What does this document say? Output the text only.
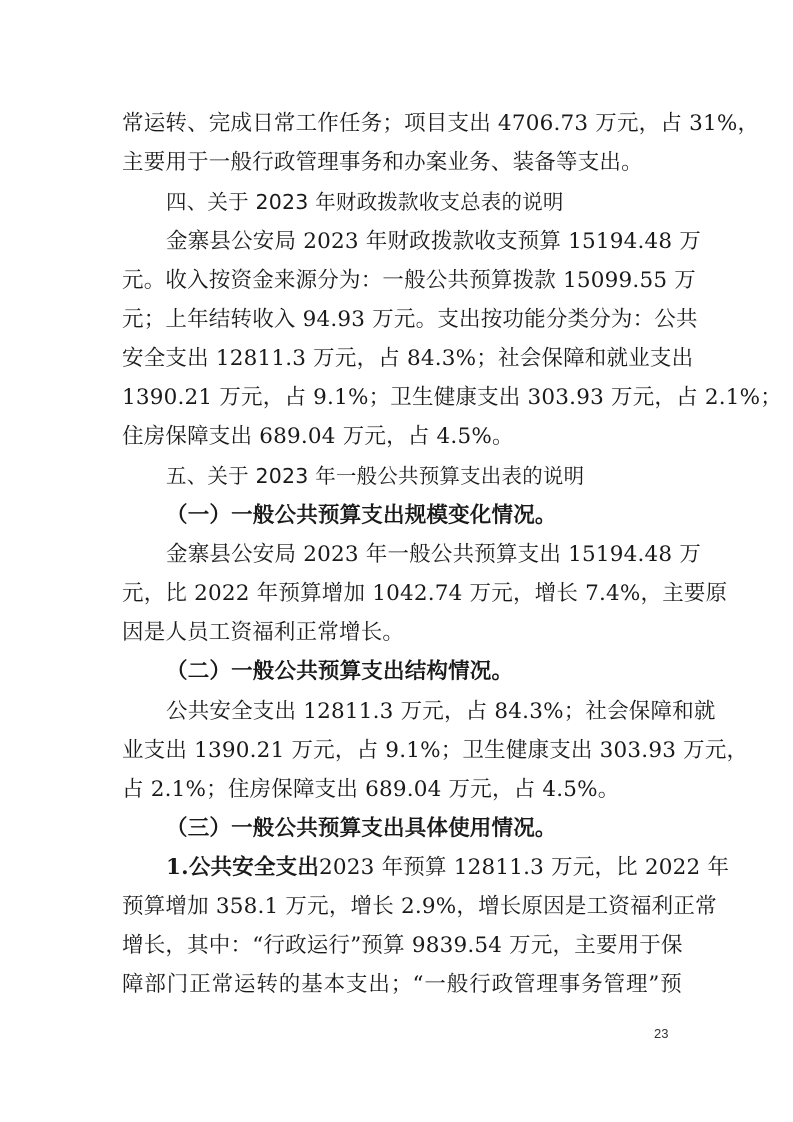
常运转、完成日常工作任务；项目支出 4706.73 万元，占 31%，
主要用于一般行政管理事务和办案业务、装备等支出。
四、关于 2023 年财政拨款收支总表的说明
金寨县公安局 2023 年财政拨款收支预算 15194.48 万
元。收入按资金来源分为：一般公共预算拨款 15099.55 万
元；上年结转收入 94.93 万元。支出按功能分类分为：公共
安全支出 12811.3 万元，占 84.3%；社会保障和就业支出
1390.21 万元，占 9.1%；卫生健康支出 303.93 万元，占 2.1%；
住房保障支出 689.04 万元，占 4.5%。
五、关于 2023 年一般公共预算支出表的说明
（一）一般公共预算支出规模变化情况。
金寨县公安局 2023 年一般公共预算支出 15194.48 万
元，比 2022 年预算增加 1042.74 万元，增长 7.4%，主要原
因是人员工资福利正常增长。
（二）一般公共预算支出结构情况。
公共安全支出 12811.3 万元，占 84.3%；社会保障和就
业支出 1390.21 万元，占 9.1%；卫生健康支出 303.93 万元，
占 2.1%；住房保障支出 689.04 万元，占 4.5%。
（三）一般公共预算支出具体使用情况。
1.公共安全支出 2023 年预算 12811.3 万元，比 2022 年
预算增加 358.1 万元，增长 2.9%，增长原因是工资福利正常
增长，其中：“行政运行”预算 9839.54 万元，主要用于保
障部门正常运转的基本支出；“一般行政管理事务管理”预
23
